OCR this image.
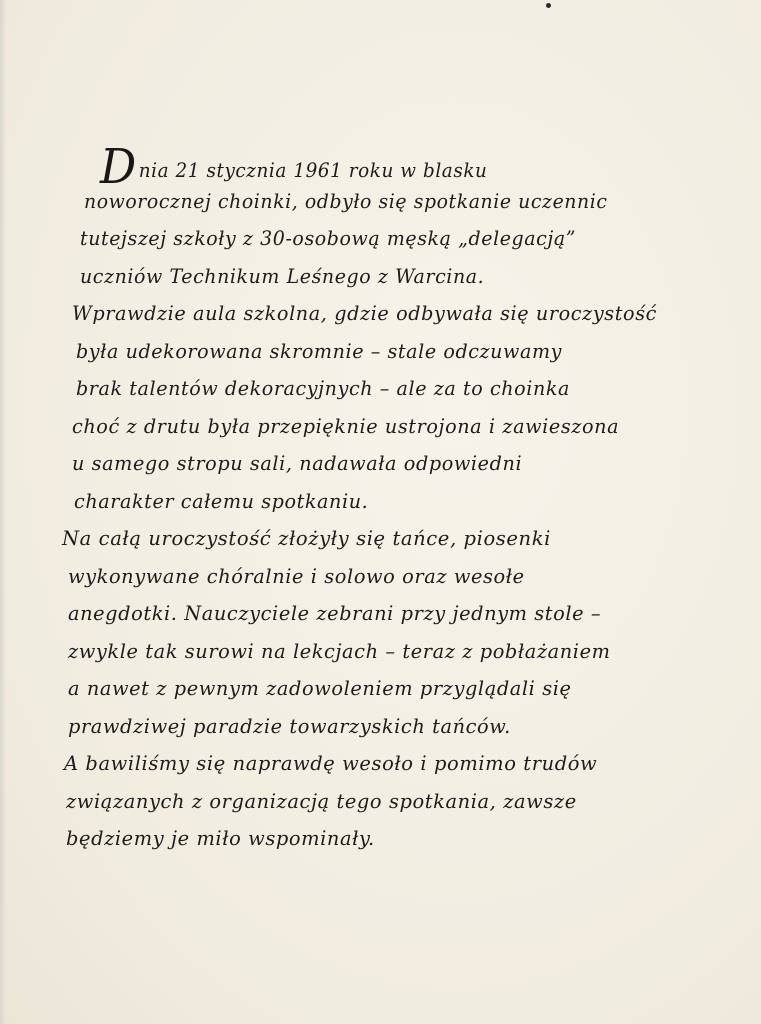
Dnia 21 stycznia 1961 roku w blasku
noworocznej choinki, odbyło się spotkanie uczennic
tutejszej szkoły z 30-osobową męską „delegacją”
uczniów Technikum Leśnego z Warcina.
Wprawdzie aula szkolna, gdzie odbywała się uroczystość
była udekorowana skromnie – stale odczuwamy
brak talentów dekoracyjnych – ale za to choinka
choć z drutu była przepięknie ustrojona i zawieszona
u samego stropu sali, nadawała odpowiedni
charakter całemu spotkaniu.
Na całą uroczystość złożyły się tańce, piosenki
wykonywane chóralnie i solowo oraz wesołe
anegdotki. Nauczyciele zebrani przy jednym stole –
zwykle tak surowi na lekcjach – teraz z pobłażaniem
a nawet z pewnym zadowoleniem przyglądali się
prawdziwej paradzie towarzyskich tańców.
A bawiliśmy się naprawdę wesoło i pomimo trudów
związanych z organizacją tego spotkania, zawsze
będziemy je miło wspominały.
